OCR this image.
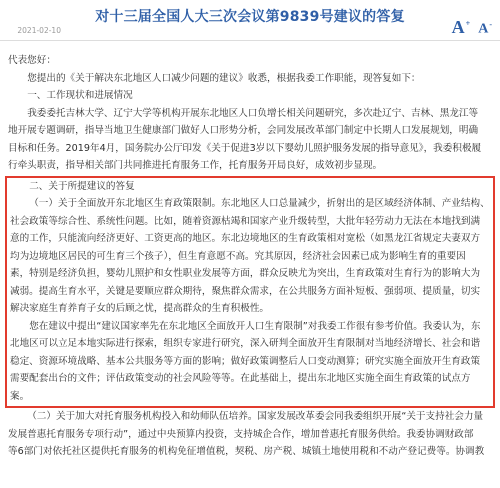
对十三届全国人大三次会议第9839号建议的答复
2021-02-10	A+ A-

代表您好：

您提出的《关于解决东北地区人口减少问题的建议》收悉，根据我委工作职能，现答复如下：

一、工作现状和进展情况

我委委托吉林大学、辽宁大学等机构开展东北地区人口负增长相关问题研究，多次赴辽宁、吉林、黑龙江等
地开展专题调研，指导当地卫生健康部门做好人口形势分析，会同发展改革部门制定中长期人口发展规划，明确
目标和任务。2019年4月，国务院办公厅印发《关于促进3岁以下婴幼儿照护服务发展的指导意见》，我委积极履
行牵头职责，指导相关部门共同推进托育服务工作，托育服务开局良好，成效初步显现。

二、关于所提建议的答复

（一）关于全面放开东北地区生育政策限制。东北地区人口总量减少，折射出的是区域经济体制、产业结构、
社会政策等综合性、系统性问题。比如，随着资源枯竭和国家产业升级转型，大批年轻劳动力无法在本地找到满
意的工作，只能流向经济更好、工资更高的地区。东北边境地区的生育政策相对宽松（如黑龙江省规定夫妻双方
均为边境地区居民的可生育三个孩子），但生育意愿不高。究其原因，经济社会因素已成为影响生育的重要因
素，特别是经济负担，婴幼儿照护和女性职业发展等方面，群众反映尤为突出，生育政策对生育行为的影响大为
减弱。提高生育水平，关键是要顺应群众期待，聚焦群众需求，在公共服务方面补短板、强弱项、提质量，切实
解决家庭生育养育子女的后顾之忧，提高群众的生育积极性。

您在建议中提出“建议国家率先在东北地区全面放开人口生育限制”对我委工作很有参考价值。我委认为，东
北地区可以立足本地实际进行探索，组织专家进行研究，深入研判全面放开生育限制对当地经济增长、社会和谐
稳定、资源环境战略、基本公共服务等方面的影响；做好政策调整后人口变动测算；研究实施全面放开生育政策
需要配套出台的文件；评估政策变动的社会风险等等。在此基础上，提出东北地区实施全面生育政策的试点方
案。

（二）关于加大对托育服务机构投入和幼师队伍培养。国家发展改革委会同我委组织开展“关于支持社会力量
发展普惠托育服务专项行动”，通过中央预算内投资，支持城企合作，增加普惠托育服务供给。我委协调财政部
等6部门对依托社区提供托育服务的机构免征增值税，契税、房产税、城镇土地使用税和不动产登记费等。协调教
